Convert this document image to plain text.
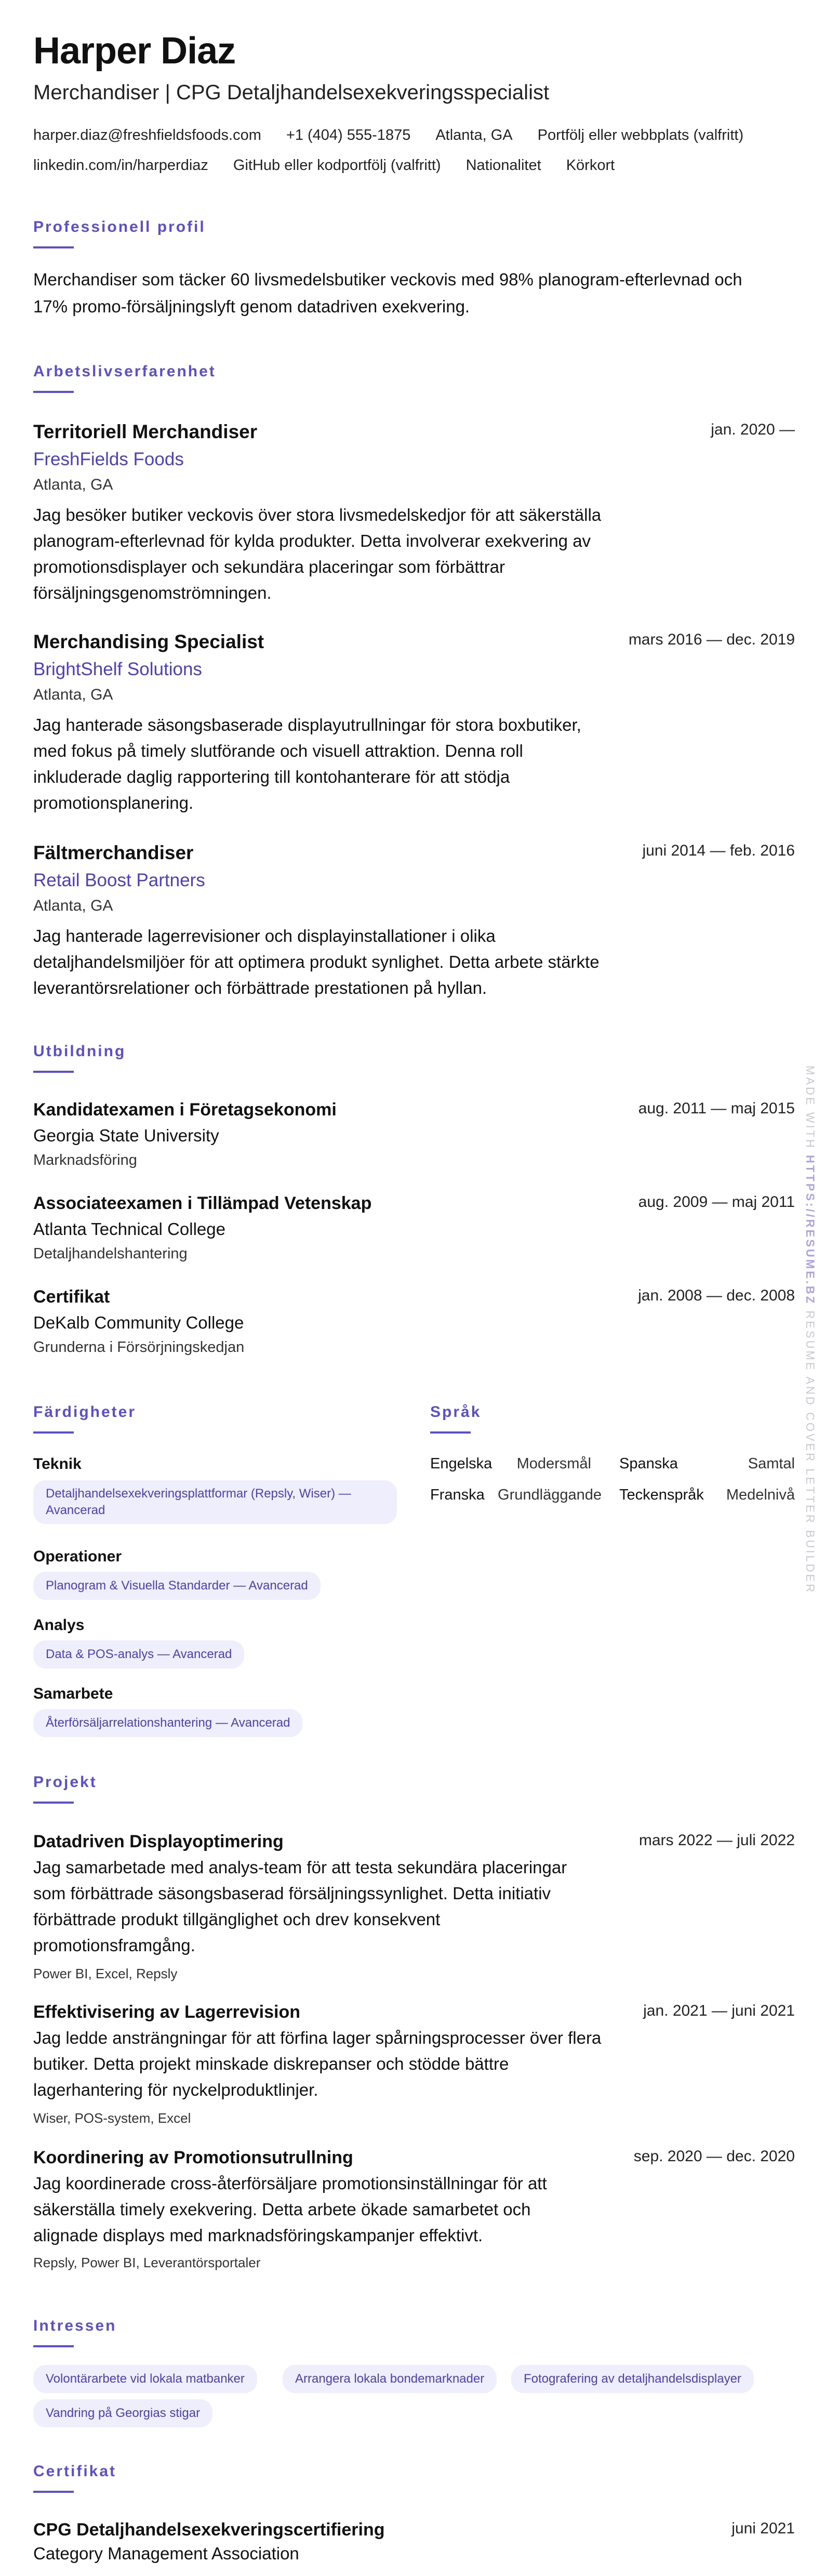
Harper Diaz
Merchandiser | CPG Detaljhandelsexekveringsspecialist
harper.diaz@freshfieldsfoods.com +1 (404) 555-1875 Atlanta, GA Portfölj eller webbplats (valfritt)
linkedin.com/in/harperdiaz GitHub eller kodportfölj (valfritt) Nationalitet Körkort
Professionell profil
Merchandiser som täcker 60 livsmedelsbutiker veckovis med 98% planogram-efterlevnad och
17% promo-försäljningslyft genom datadriven exekvering.
Arbetslivserfarenhet
Territoriell Merchandiser	jan. 2020 —
FreshFields Foods
Atlanta, GA
Jag besöker butiker veckovis över stora livsmedelskedjor för att säkerställa
planogram-efterlevnad för kylda produkter. Detta involverar exekvering av
promotionsdisplayer och sekundära placeringar som förbättrar
försäljningsgenomströmningen.
Merchandising Specialist	mars 2016 — dec. 2019
BrightShelf Solutions
Atlanta, GA
Jag hanterade säsongsbaserade displayutrullningar för stora boxbutiker,
med fokus på timely slutförande och visuell attraktion. Denna roll
inkluderade daglig rapportering till kontohanterare för att stödja
promotionsplanering.
Fältmerchandiser	juni 2014 — feb. 2016
Retail Boost Partners
Atlanta, GA
Jag hanterade lagerrevisioner och displayinstallationer i olika
detaljhandelsmiljöer för att optimera produkt synlighet. Detta arbete stärkte
leverantörsrelationer och förbättrade prestationen på hyllan.
Utbildning
Kandidatexamen i Företagsekonomi	aug. 2011 — maj 2015
Georgia State University
Marknadsföring
Associateexamen i Tillämpad Vetenskap	aug. 2009 — maj 2011
Atlanta Technical College
Detaljhandelshantering
Certifikat	jan. 2008 — dec. 2008
DeKalb Community College
Grunderna i Försörjningskedjan
Färdigheter
Teknik
Detaljhandelsexekveringsplattformar (Repsly, Wiser) —
Avancerad
Operationer
Planogram & Visuella Standarder — Avancerad
Analys
Data & POS-analys — Avancerad
Samarbete
Återförsäljarrelationshantering — Avancerad
Språk
Engelska	Modersmål Spanska	Samtal
Franska Grundläggande Teckenspråk	Medelnivå
Projekt
Datadriven Displayoptimering	mars 2022 — juli 2022
Jag samarbetade med analys-team för att testa sekundära placeringar
som förbättrade säsongsbaserad försäljningssynlighet. Detta initiativ
förbättrade produkt tillgänglighet och drev konsekvent
promotionsframgång.
Power BI, Excel, Repsly
Effektivisering av Lagerrevision	jan. 2021 — juni 2021
Jag ledde ansträngningar för att förfina lager spårningsprocesser över flera
butiker. Detta projekt minskade diskrepanser och stödde bättre
lagerhantering för nyckelproduktlinjer.
Wiser, POS-system, Excel
Koordinering av Promotionsutrullning	sep. 2020 — dec. 2020
Jag koordinerade cross-återförsäljare promotionsinställningar för att
säkerställa timely exekvering. Detta arbete ökade samarbetet och
alignade displays med marknadsföringskampanjer effektivt.
Repsly, Power BI, Leverantörsportaler
Intressen
Volontärarbete vid lokala matbanker	Arrangera lokala bondemarknader	Fotografering av detaljhandelsdisplayer
Vandring på Georgias stigar
Certifikat
CPG Detaljhandelsexekveringscertifiering	juni 2021
Category Management Association
MADE WITH HTTPS://RESUME.BZ RESUME AND COVER LETTER BUILDER
